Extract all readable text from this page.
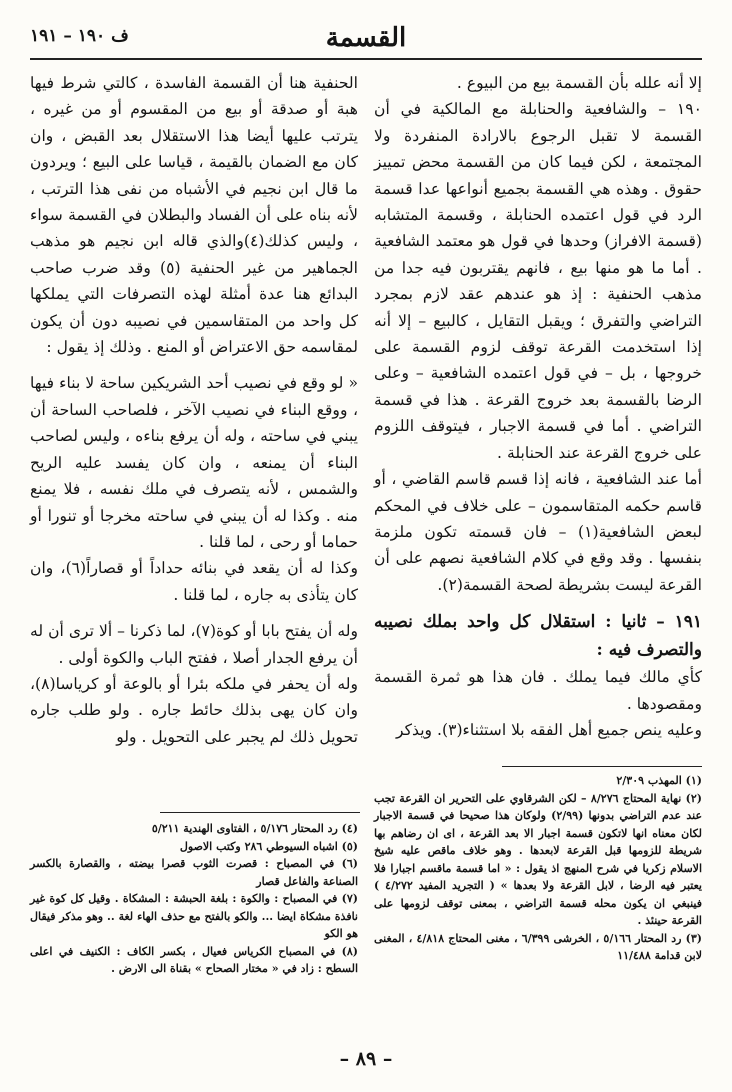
القسمة
ف ١٩٠ – ١٩١

إلا أنه علله بأن القسمة بيع من البيوع .

١٩٠ – والشافعية والحنابلة مع المالكية في أن القسمة لا تقبل الرجوع بالارادة المنفردة ولا المجتمعة ، لكن فيما كان من القسمة محض تمييز حقوق . وهذه هي القسمة بجميع أنواعها عدا قسمة الرد في قول اعتمده الحنابلة ، وقسمة المتشابه (قسمة الافراز) وحدها في قول هو معتمد الشافعية . أما ما هو منها بيع ، فانهم يقتربون فيه جدا من مذهب الحنفية : إذ هو عندهم عقد لازم بمجرد التراضي والتفرق ؛ ويقبل التقايل ، كالبيع – إلا أنه إذا استخدمت القرعة توقف لزوم القسمة على خروجها ، بل – في قول اعتمده الشافعية – وعلى الرضا بالقسمة بعد خروج القرعة . هذا في قسمة التراضي . أما في قسمة الاجبار ، فيتوقف اللزوم على خروج القرعة عند الحنابلة .

أما عند الشافعية ، فانه إذا قسم قاسم القاضي ، أو قاسم حكمه المتقاسمون – على خلاف في المحكم لبعض الشافعية(١) – فان قسمته تكون ملزمة بنفسها . وقد وقع في كلام الشافعية نصهم على أن القرعة ليست بشريطة لصحة القسمة(٢).

١٩١ – ثانيا : استقلال كل واحد بملك نصيبه والتصرف فيه :

كأي مالك فيما يملك . فان هذا هو ثمرة القسمة ومقصودها .

وعليه ينص جميع أهل الفقه بلا استثناء(٣). ويذكر

الحنفية هنا أن القسمة الفاسدة ، كالتي شرط فيها هبة أو صدقة أو بيع من المقسوم أو من غيره ، يترتب عليها أيضا هذا الاستقلال بعد القبض ، وان كان مع الضمان بالقيمة ، قياسا على البيع ؛ ويردون ما قال ابن نجيم في الأشباه من نفى هذا الترتب ، لأنه بناه على أن الفساد والبطلان في القسمة سواء ، وليس كذلك(٤)والذي قاله ابن نجيم هو مذهب الجماهير من غير الحنفية (٥) وقد ضرب صاحب البدائع هنا عدة أمثلة لهذه التصرفات التي يملكها كل واحد من المتقاسمين في نصيبه دون أن يكون لمقاسمه حق الاعتراض أو المنع . وذلك إذ يقول :

« لو وقع في نصيب أحد الشريكين ساحة لا بناء فيها ، ووقع البناء في نصيب الآخر ، فلصاحب الساحة أن يبني في ساحته ، وله أن يرفع بناءه ، وليس لصاحب البناء أن يمنعه ، وان كان يفسد عليه الريح والشمس ، لأنه يتصرف في ملك نفسه ، فلا يمنع منه . وكذا له أن يبني في ساحته مخرجا أو تنورا أو حماما أو رحى ، لما قلنا .

وكذا له أن يقعد في بنائه حداداً أو قصاراً(٦)، وان كان يتأذى به جاره ، لما قلنا .

وله أن يفتح بابا أو كوة(٧)، لما ذكرنا – ألا ترى أن له أن يرفع الجدار أصلا ، ففتح الباب والكوة أولى .

وله أن يحفر في ملكه بئرا أو بالوعة أو كرياسا(٨)، وان كان يهى بذلك حائط جاره . ولو طلب جاره تحويل ذلك لم يجبر على التحويل . ولو

(١) المهذب ٢/٣٠٩

(٢) نهاية المحتاج ٨/٢٧٦ – لكن الشرقاوي على التحرير ان القرعة تجب عند عدم التراضي بدونها (٢/٩٩) ولوكان هذا صحيحا في قسمة الاجبار لكان معناه انها لاتكون قسمة اجبار الا بعد القرعة ، اى ان رضاهم بها شريطة للزومها قبل القرعة لابعدها . وهو خلاف ماقص عليه شيخ الاسلام زكريا في شرح المنهج اذ يقول : « اما قسمة ماقسم اجبارا فلا يعتبر فيه الرضا ، لابل القرعة ولا بعدها » ( التجريد المفيد ٤/٢٧٢ ) فينبغي ان يكون محله قسمة التراضي ، بمعنى توقف لزومها على القرعة حينئذ .

(٣) رد المحتار ٥/١٦٦ ، الخرشى ٦/٣٩٩ ، مغنى المحتاج ٤/٨١٨ ، المغنى لابن قدامة ١١/٤٨٨

(٤) رد المحتار ٥/١٧٦ ، الفتاوى الهندية ٥/٢١١

(٥) اشباه السيوطي ٢٨٦ وكتب الاصول

(٦) في المصباح : قصرت الثوب قصرا بيضته ، والقصارة بالكسر الصناعة والفاعل قصار

(٧) في المصباح : والكوة : بلغة الحبشة : المشكاة . وقيل كل كوة غير نافذة مشكاة ايضا ... والكو بالفتح مع حذف الهاء لغة .. وهو مذكر فيقال هو الكو

(٨) في المصباح الكرياس فعيال ، بكسر الكاف : الكنيف في اعلى السطح : زاد في « مختار الصحاح » بقناة الى الارض .

– ٨٩ –
